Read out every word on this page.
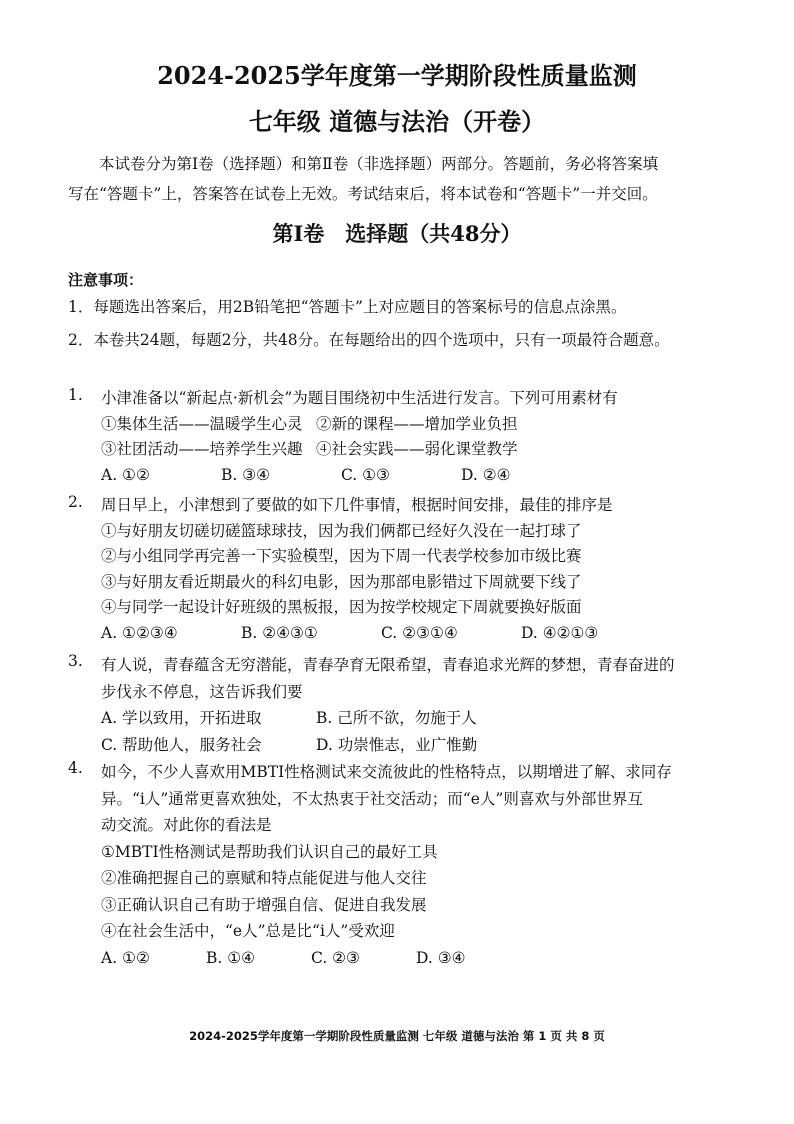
2024-2025学年度第一学期阶段性质量监测
七年级 道德与法治（开卷）

本试卷分为第Ⅰ卷（选择题）和第Ⅱ卷（非选择题）两部分。答题前，务必将答案填

写在“答题卡”上，答案答在试卷上无效。考试结束后，将本试卷和“答题卡”一并交回。

第Ⅰ卷　选择题（共48分）
注意事项：
1．每题选出答案后，用2B铅笔把“答题卡”上对应题目的答案标号的信息点涂黑。
2．本卷共24题，每题2分，共48分。在每题给出的四个选项中，只有一项最符合题意。
1. 小津准备以“新起点·新机会”为题目围绕初中生活进行发言。下列可用素材有
①集体生活——温暖学生心灵 ②新的课程——增加学业负担
③社团活动——培养学生兴趣 ④社会实践——弱化课堂教学
A. ①②	B. ③④	C. ①③	D. ②④
2. 周日早上，小津想到了要做的如下几件事情，根据时间安排，最佳的排序是
①与好朋友切磋切磋篮球球技，因为我们俩都已经好久没在一起打球了
②与小组同学再完善一下实验模型，因为下周一代表学校参加市级比赛
③与好朋友看近期最火的科幻电影，因为那部电影错过下周就要下线了
④与同学一起设计好班级的黑板报，因为按学校规定下周就要换好版面
A. ①②③④	B. ②④③①	C. ②③①④	D. ④②①③
3. 有人说，青春蕴含无穷潜能，青春孕育无限希望，青春追求光辉的梦想，青春奋进的
步伐永不停息，这告诉我们要
A. 学以致用，开拓进取	B. 己所不欲，勿施于人
C. 帮助他人，服务社会	D. 功崇惟志，业广惟勤
4. 如今，不少人喜欢用MBTI性格测试来交流彼此的性格特点，以期增进了解、求同存
异。“i人”通常更喜欢独处，不太热衷于社交活动；而“e人”则喜欢与外部世界互
动交流。对此你的看法是
①MBTI性格测试是帮助我们认识自己的最好工具
②准确把握自己的禀赋和特点能促进与他人交往
③正确认识自己有助于增强自信、促进自我发展
④在社会生活中，“e人”总是比“i人”受欢迎
A. ①②	B. ①④	C. ②③	D. ③④
2024-2025学年度第一学期阶段性质量监测 七年级 道德与法治 第 1 页 共 8 页
